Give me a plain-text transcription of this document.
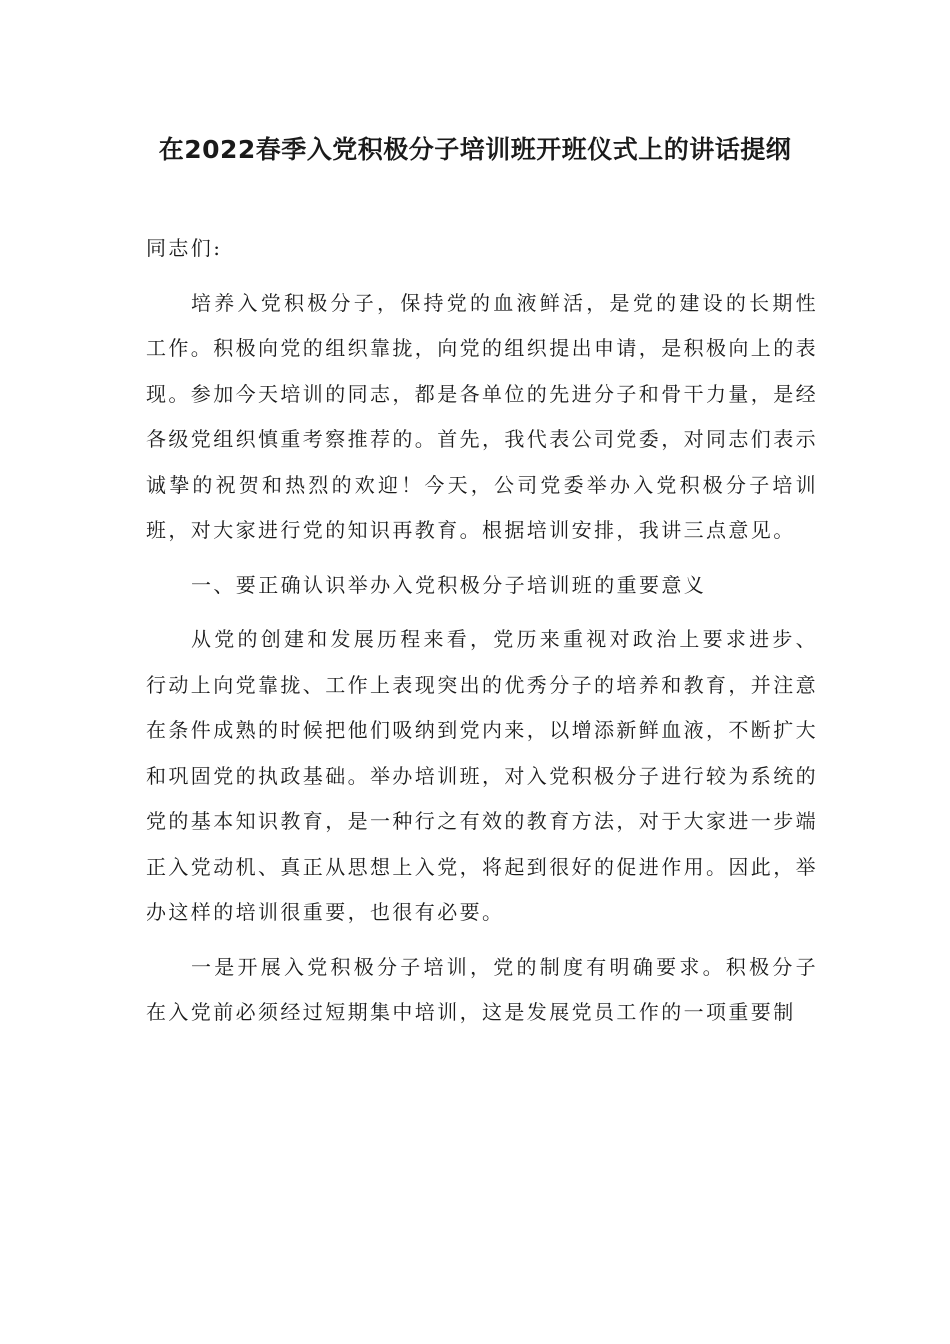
在2022春季入党积极分子培训班开班仪式上的讲话提纲

同志们:

培养入党积极分子，保持党的血液鲜活，是党的建设的长期性工作。积极向党的组织靠拢，向党的组织提出申请，是积极向上的表现。参加今天培训的同志，都是各单位的先进分子和骨干力量，是经各级党组织慎重考察推荐的。首先，我代表公司党委，对同志们表示诚挚的祝贺和热烈的欢迎！今天，公司党委举办入党积极分子培训班，对大家进行党的知识再教育。根据培训安排，我讲三点意见。

一、要正确认识举办入党积极分子培训班的重要意义

从党的创建和发展历程来看，党历来重视对政治上要求进步、行动上向党靠拢、工作上表现突出的优秀分子的培养和教育，并注意在条件成熟的时候把他们吸纳到党内来，以增添新鲜血液，不断扩大和巩固党的执政基础。举办培训班，对入党积极分子进行较为系统的党的基本知识教育，是一种行之有效的教育方法，对于大家进一步端正入党动机、真正从思想上入党，将起到很好的促进作用。因此，举办这样的培训很重要，也很有必要。

一是开展入党积极分子培训，党的制度有明确要求。积极分子在入党前必须经过短期集中培训，这是发展党员工作的一项重要制
